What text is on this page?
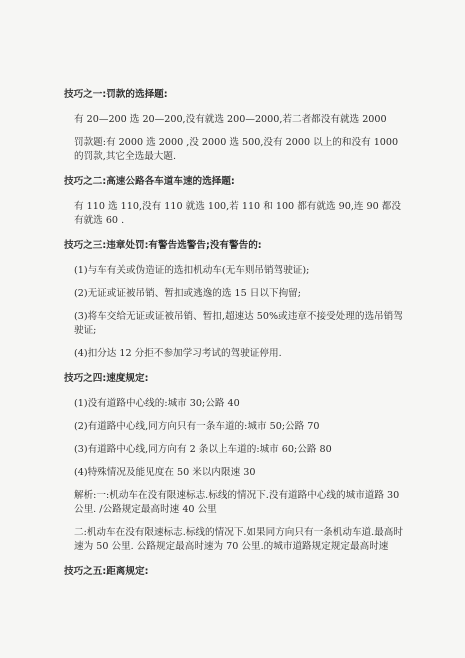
技巧之一:罚款的选择题:

有 20—200 选 20—200,没有就选 200—2000,若二者都没有就选 2000

罚款题:有 2000 选 2000 ,没 2000 选 500,没有 2000 以上的和没有 1000 的罚款,其它全选最大题.

技巧之二:高速公路各车道车速的选择题:

有 110 选 110,没有 110 就选 100,若 110 和 100 都有就选 90,连 90 都没有就选 60 .

技巧之三:违章处罚:有警告选警告;没有警告的:

(1)与车有关或伪造证的选扣机动车(无车则吊销驾驶证);

(2)无证或证被吊销、暂扣或逃逸的选 15 日以下拘留;

(3)将车交给无证或证被吊销、暂扣,超速达 50%或违章不接受处理的选吊销驾驶证;

(4)扣分达 12 分拒不参加学习考试的驾驶证停用.

技巧之四:速度规定:

(1)没有道路中心线的:城市 30;公路 40

(2)有道路中心线,同方向只有一条车道的:城市 50;公路 70

(3)有道路中心线,同方向有 2 条以上车道的:城市 60;公路 80

(4)特殊情况及能见度在 50 米以内限速 30

解析:一:机动车在没有限速标志.标线的情况下.没有道路中心线的城市道路 30 公里. /公路规定最高时速 40 公里

二:机动车在没有限速标志.标线的情况下.如果同方向只有一条机动车道.最高时速为 50 公里. 公路规定最高时速为 70 公里.的城市道路规定规定最高时速

技巧之五:距离规定:
